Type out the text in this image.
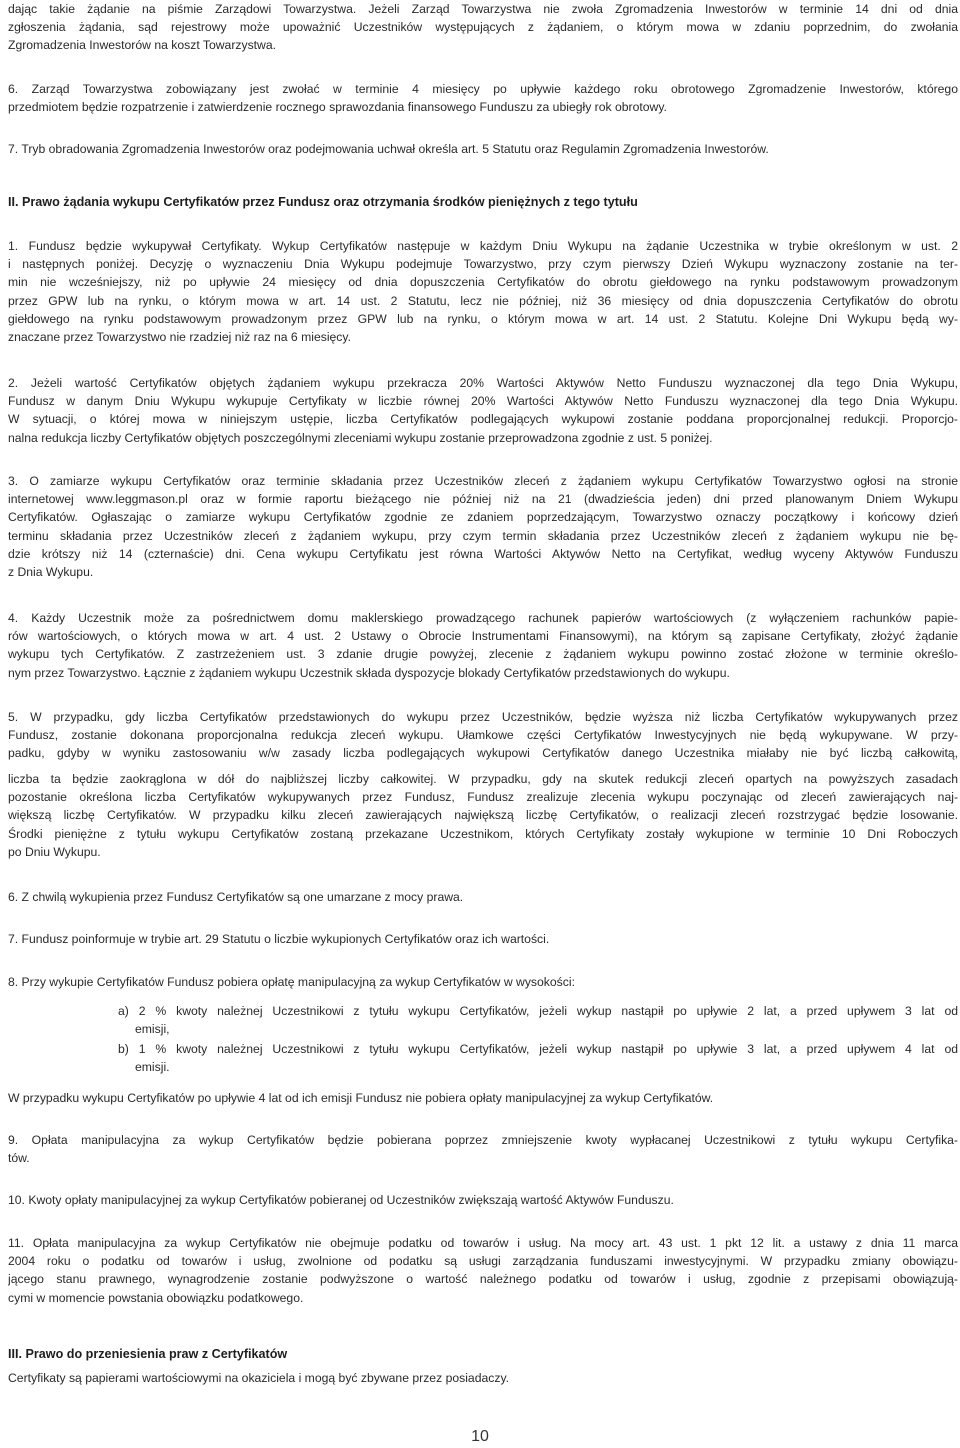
dając takie żądanie na piśmie Zarządowi Towarzystwa. Jeżeli Zarząd Towarzystwa nie zwoła Zgromadzenia Inwestorów w terminie 14 dni od dnia
zgłoszenia żądania, sąd rejestrowy może upoważnić Uczestników występujących z żądaniem, o którym mowa w zdaniu poprzednim, do zwołania
Zgromadzenia Inwestorów na koszt Towarzystwa.
6. Zarząd Towarzystwa zobowiązany jest zwołać w terminie 4 miesięcy po upływie każdego roku obrotowego Zgromadzenie Inwestorów, którego
przedmiotem będzie rozpatrzenie i zatwierdzenie rocznego sprawozdania finansowego Funduszu za ubiegły rok obrotowy.
7. Tryb obradowania Zgromadzenia Inwestorów oraz podejmowania uchwał określa art. 5 Statutu oraz Regulamin Zgromadzenia Inwestorów.
II. Prawo żądania wykupu Certyfikatów przez Fundusz oraz otrzymania środków pieniężnych z tego tytułu
1. Fundusz będzie wykupywał Certyfikaty. Wykup Certyfikatów następuje w każdym Dniu Wykupu na żądanie Uczestnika w trybie określonym w ust. 2
i następnych poniżej. Decyzję o wyznaczeniu Dnia Wykupu podejmuje Towarzystwo, przy czym pierwszy Dzień Wykupu wyznaczony zostanie na ter-
min nie wcześniejszy, niż po upływie 24 miesięcy od dnia dopuszczenia Certyfikatów do obrotu giełdowego na rynku podstawowym prowadzonym
przez GPW lub na rynku, o którym mowa w art. 14 ust. 2 Statutu, lecz nie później, niż 36 miesięcy od dnia dopuszczenia Certyfikatów do obrotu
giełdowego na rynku podstawowym prowadzonym przez GPW lub na rynku, o którym mowa w art. 14 ust. 2 Statutu. Kolejne Dni Wykupu będą wy-
znaczane przez Towarzystwo nie rzadziej niż raz na 6 miesięcy.
2. Jeżeli wartość Certyfikatów objętych żądaniem wykupu przekracza 20% Wartości Aktywów Netto Funduszu wyznaczonej dla tego Dnia Wykupu,
Fundusz w danym Dniu Wykupu wykupuje Certyfikaty w liczbie równej 20% Wartości Aktywów Netto Funduszu wyznaczonej dla tego Dnia Wykupu.
W sytuacji, o której mowa w niniejszym ustępie, liczba Certyfikatów podlegających wykupowi zostanie poddana proporcjonalnej redukcji. Proporcjo-
nalna redukcja liczby Certyfikatów objętych poszczególnymi zleceniami wykupu zostanie przeprowadzona zgodnie z ust. 5 poniżej.
3. O zamiarze wykupu Certyfikatów oraz terminie składania przez Uczestników zleceń z żądaniem wykupu Certyfikatów Towarzystwo ogłosi na stronie
internetowej www.leggmason.pl oraz w formie raportu bieżącego nie później niż na 21 (dwadzieścia jeden) dni przed planowanym Dniem Wykupu
Certyfikatów. Ogłaszając o zamiarze wykupu Certyfikatów zgodnie ze zdaniem poprzedzającym, Towarzystwo oznaczy początkowy i końcowy dzień
terminu składania przez Uczestników zleceń z żądaniem wykupu, przy czym termin składania przez Uczestników zleceń z żądaniem wykupu nie bę-
dzie krótszy niż 14 (czternaście) dni. Cena wykupu Certyfikatu jest równa Wartości Aktywów Netto na Certyfikat, według wyceny Aktywów Funduszu
z Dnia Wykupu.
4. Każdy Uczestnik może za pośrednictwem domu maklerskiego prowadzącego rachunek papierów wartościowych (z wyłączeniem rachunków papie-
rów wartościowych, o których mowa w art. 4 ust. 2 Ustawy o Obrocie Instrumentami Finansowymi), na którym są zapisane Certyfikaty, złożyć żądanie
wykupu tych Certyfikatów. Z zastrzeżeniem ust. 3 zdanie drugie powyżej, zlecenie z żądaniem wykupu powinno zostać złożone w terminie określo-
nym przez Towarzystwo. Łącznie z żądaniem wykupu Uczestnik składa dyspozycje blokady Certyfikatów przedstawionych do wykupu.
5. W przypadku, gdy liczba Certyfikatów przedstawionych do wykupu przez Uczestników, będzie wyższa niż liczba Certyfikatów wykupywanych przez
Fundusz, zostanie dokonana proporcjonalna redukcja zleceń wykupu. Ułamkowe części Certyfikatów Inwestycyjnych nie będą wykupywane. W przy-
padku, gdyby w wyniku zastosowaniu w/w zasady liczba podlegających wykupowi Certyfikatów danego Uczestnika miałaby nie być liczbą całkowitą,
liczba ta będzie zaokrąglona w dół do najbliższej liczby całkowitej. W przypadku, gdy na skutek redukcji zleceń opartych na powyższych zasadach
pozostanie określona liczba Certyfikatów wykupywanych przez Fundusz, Fundusz zrealizuje zlecenia wykupu poczynając od zleceń zawierających naj-
większą liczbę Certyfikatów. W przypadku kilku zleceń zawierających największą liczbę Certyfikatów, o realizacji zleceń rozstrzygać będzie losowanie.
Środki pieniężne z tytułu wykupu Certyfikatów zostaną przekazane Uczestnikom, których Certyfikaty zostały wykupione w terminie 10 Dni Roboczych
po Dniu Wykupu.
6. Z chwilą wykupienia przez Fundusz Certyfikatów są one umarzane z mocy prawa.
7. Fundusz poinformuje w trybie art. 29 Statutu o liczbie wykupionych Certyfikatów oraz ich wartości.
8. Przy wykupie Certyfikatów Fundusz pobiera opłatę manipulacyjną za wykup Certyfikatów w wysokości:
a) 2 % kwoty należnej Uczestnikowi z tytułu wykupu Certyfikatów, jeżeli wykup nastąpił po upływie 2 lat, a przed upływem 3 lat od
emisji,
b) 1 % kwoty należnej Uczestnikowi z tytułu wykupu Certyfikatów, jeżeli wykup nastąpił po upływie 3 lat, a przed upływem 4 lat od
emisji.
W przypadku wykupu Certyfikatów po upływie 4 lat od ich emisji Fundusz nie pobiera opłaty manipulacyjnej za wykup Certyfikatów.
9. Opłata manipulacyjna za wykup Certyfikatów będzie pobierana poprzez zmniejszenie kwoty wypłacanej Uczestnikowi z tytułu wykupu Certyfika-
tów.
10. Kwoty opłaty manipulacyjnej za wykup Certyfikatów pobieranej od Uczestników zwiększają wartość Aktywów Funduszu.
11. Opłata manipulacyjna za wykup Certyfikatów nie obejmuje podatku od towarów i usług. Na mocy art. 43 ust. 1 pkt 12 lit. a ustawy z dnia 11 marca
2004 roku o podatku od towarów i usług, zwolnione od podatku są usługi zarządzania funduszami inwestycyjnymi. W przypadku zmiany obowiązu-
jącego stanu prawnego, wynagrodzenie zostanie podwyższone o wartość należnego podatku od towarów i usług, zgodnie z przepisami obowiązują-
cymi w momencie powstania obowiązku podatkowego.
III. Prawo do przeniesienia praw z Certyfikatów
Certyfikaty są papierami wartościowymi na okaziciela i mogą być zbywane przez posiadaczy.
10
